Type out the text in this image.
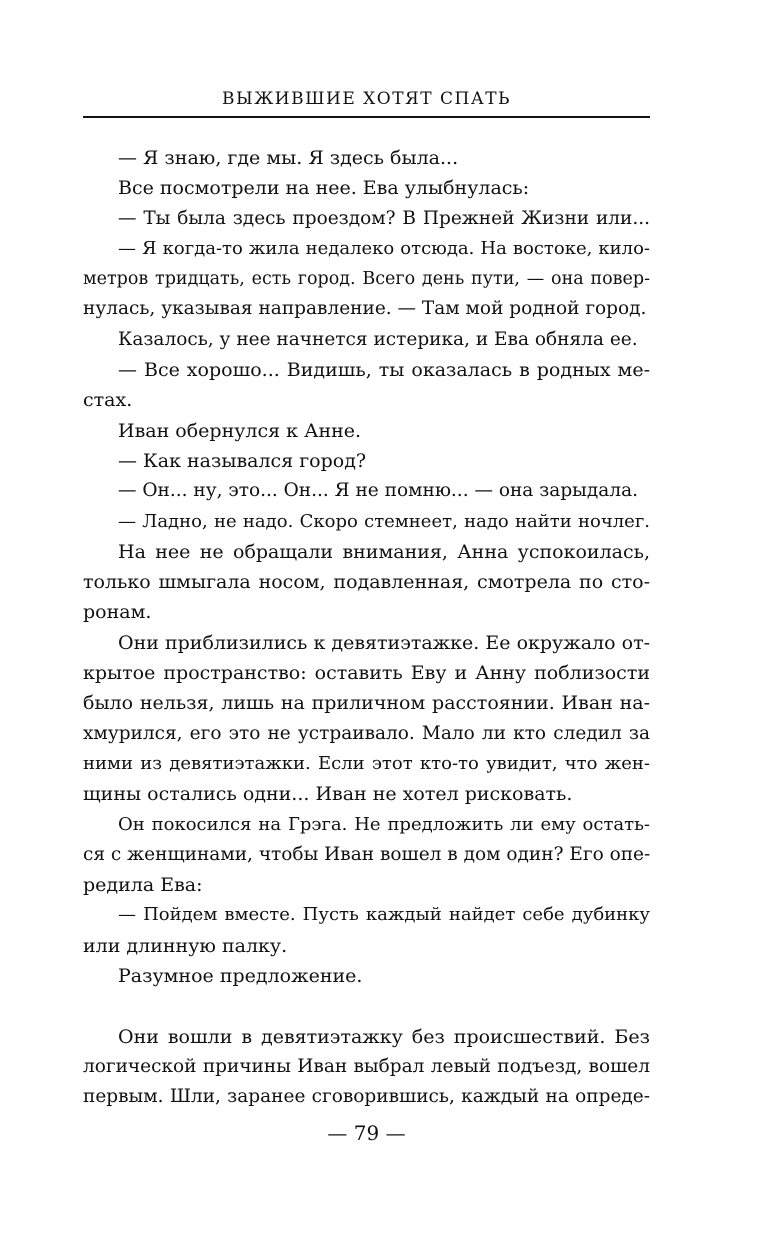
ВЫЖИВШИЕ ХОТЯТ СПАТЬ
— Я знаю, где мы. Я здесь была...
Все посмотрели на нее. Ева улыбнулась:
— Ты была здесь проездом? В Прежней Жизни или...
— Я когда-то жила недалеко отсюда. На востоке, кило-
метров тридцать, есть город. Всего день пути, — она повер-
нулась, указывая направление. — Там мой родной город.
Казалось, у нее начнется истерика, и Ева обняла ее.
— Все хорошо... Видишь, ты оказалась в родных ме-
стах.
Иван обернулся к Анне.
— Как назывался город?
— Он... ну, это... Он... Я не помню... — она зарыдала.
— Ладно, не надо. Скоро стемнеет, надо найти ночлег.
На нее не обращали внимания, Анна успокоилась,
только шмыгала носом, подавленная, смотрела по сто-
ронам.
Они приблизились к девятиэтажке. Ее окружало от-
крытое пространство: оставить Еву и Анну поблизости
было нельзя, лишь на приличном расстоянии. Иван на-
хмурился, его это не устраивало. Мало ли кто следил за
ними из девятиэтажки. Если этот кто-то увидит, что жен-
щины остались одни... Иван не хотел рисковать.
Он покосился на Грэга. Не предложить ли ему остать-
ся с женщинами, чтобы Иван вошел в дом один? Его опе-
редила Ева:
— Пойдем вместе. Пусть каждый найдет себе дубинку
или длинную палку.
Разумное предложение.
Они вошли в девятиэтажку без происшествий. Без
логической причины Иван выбрал левый подъезд, вошел
первым. Шли, заранее сговорившись, каждый на опреде-
— 79 —
